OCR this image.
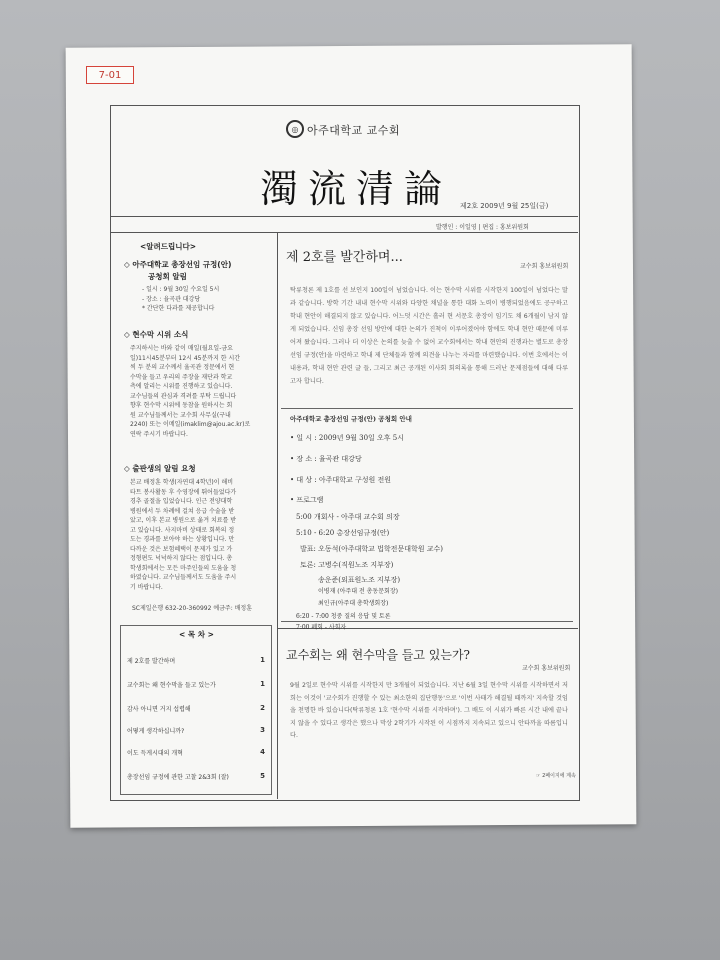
7-01
◎ 아주대학교 교수회
濁流清論 제2호 2009년 9월 25일(금)
발행인 : 이일영 | 편집 : 홍보위원회
<알려드립니다>
◇ 아주대학교 총장선임 규정(안)
공청회 알림

- 일시 : 9월 30일 수요일 5시

- 장소 : 율곡관 대강당

* 간단한 다과를 제공합니다

◇ 현수막 시위 소식

주지하시는 바와 같이 매일(월요일-금요

일)11시45분부터 12시 45분까지 한 시간

씩 두 분의 교수께서 율곡관 정문에서 현

수막을 들고 우리의 주장을 재단과 학교

측에 알리는 시위를 진행하고 있습니다.

교수님들의 관심과 격려를 부탁 드립니다

향후 현수막 시위에 동참을 원하시는 회

원 교수님들께서는 교수회 사무실(구내

2240) 또는 이메일(imaklim@ajou.ac.kr)로

연락 주시기 바랍니다.

◇ 출판생의 알림 요청

본교 배정훈 학생(자연대 4학년)이 해비

타트 봉사활동 후 수영장에 뛰어들었다가

경추 골절을 입었습니다. 인근 전양대학

병원에서 두 차례에 걸쳐 응급 수술을 받

았고, 이후 본교 병원으로 옮겨 치료를 받

고 있습니다. 사지마비 상태로 회복의 정

도는 경과를 보아야 하는 상황입니다. 만

다까운 것은 보험혜택이 문제가 있고 가

정형편도 넉넉하지 않다는 점입니다. 총

학생회에서는 모든 마주인들의 도움을 청

하였습니다. 교수님들께서도 도움을 주시

기 바랍니다.

SC제일은행 632-20-360992 예금주: 배정훈
< 목 차 >
제 2호를 발간하며	1
교수회는 왜 현수막을 들고 있는가	1
감사 아니면 거지 섭렵해	2
어떻게 생각하십니까?	3
이도 득게시대의 개혁	4
총장선임 규정에 관한 고찰 2&3회 (잘)	5
제 2호를 발간하며...
교수회 홍보위원회
탁류청론 제 1호를 선 보인지 100일이 넘었습니다. 이는 현수막 시위를 시작한지 100일이 넘었다는 말과 같습니다. 방학 기간 내내 현수막 시위와 다양한 채널을 통한 대화 노력이 병행되었음에도 공구하고 학내 현안이 해결되지 않고 있습니다. 어느덧 시간은 흘러 현 서문호 총장이 임기도 채 6개월이 남지 않게 되었습니다. 신임 총장 선임 방안에 대한 논의가 진척이 이루어졌어야 함에도 학내 현안 때문에 미루어져 왔습니다. 그러나 더 이상은 논의를 늦출 수 없어 교수회에서는 학내 현안의 진행과는 별도로 총장선임 규정(안)을 마련하고 학내 제 단체들과 함께 의견을 나누는 자리를 마련했습니다. 이번 호에서는 이 내용과, 학내 현안 관련 글 들, 그리고 최근 공개된 이사회 회의록을 통해 드러난 문제점들에 대해 다루고자 합니다.
아주대학교 총장선임 규정(안) 공청회 안내
• 일 시 : 2009년 9월 30일 오후 5시
• 장 소 : 율곡관 대강당
• 대 상 : 아주대학교 구성원 전원
• 프로그램
5:00 개회사 - 아주대 교수회 의장
5:10 - 6:20 총장선임규정(안)
발표: 오동석(아주대학교 법학전문대학원 교수)
토론: 고병수(직원노조 지부장)
송운준(외표원노조 지부장)
이병재 (아주대 전 총동문회장)
최인규(아주대 총학생회장)
교수회는 왜 현수막을 들고 있는가?
교수회 홍보위원회
9월 2일로 현수막 시위를 시작한지 만 3개월이 되었습니다. 지난 6월 3일 현수막 시위를 시작하면서 저희는 이것이 '교수회가 진행할 수 있는 최소한의 집단행동'으로 '이번 사태가 해결될 때까지' 지속할 것임을 천명한 바 있습니다(탁류청론 1호 '현수막 시위를 시작하며'). 그 배도 이 시위가 빠른 시간 내에 끝나지 않을 수 있다고 생각은 했으나 막상 2학기가 시작된 이 시점까지 지속되고 있으니 안타까울 따름입니다.
☞ 2페이지에 계속
6:20 - 7:00 청중 질의 응답 및 토론
7:00 폐회 - 사회자
